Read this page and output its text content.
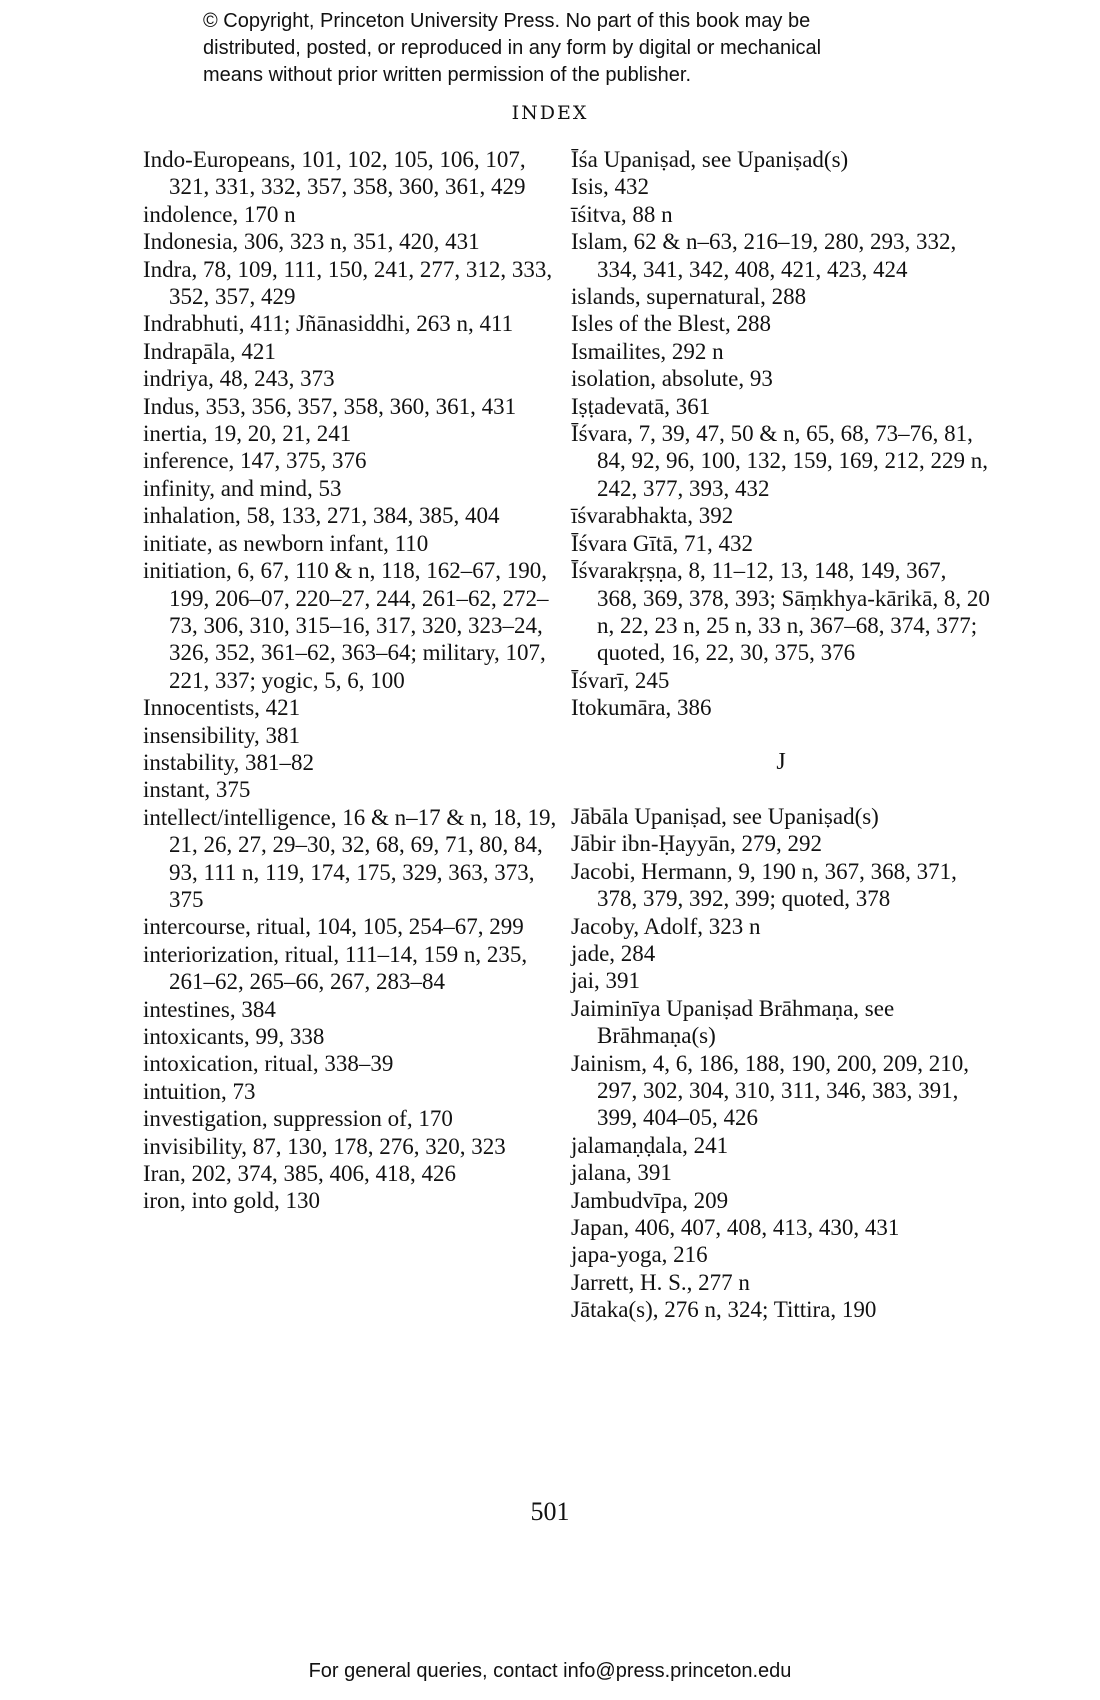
© Copyright, Princeton University Press. No part of this book may be
distributed, posted, or reproduced in any form by digital or mechanical
means without prior written permission of the publisher.
INDEX
Indo-Europeans, 101, 102, 105, 106, 107, 321, 331, 332, 357, 358, 360, 361, 429
indolence, 170 n
Indonesia, 306, 323 n, 351, 420, 431
Indra, 78, 109, 111, 150, 241, 277, 312, 333, 352, 357, 429
Indrabhuti, 411; Jñānasiddhi, 263 n, 411
Indrapāla, 421
indriya, 48, 243, 373
Indus, 353, 356, 357, 358, 360, 361, 431
inertia, 19, 20, 21, 241
inference, 147, 375, 376
infinity, and mind, 53
inhalation, 58, 133, 271, 384, 385, 404
initiate, as newborn infant, 110
initiation, 6, 67, 110 & n, 118, 162–67, 190, 199, 206–07, 220–27, 244, 261–62, 272–73, 306, 310, 315–16, 317, 320, 323–24, 326, 352, 361–62, 363–64; military, 107, 221, 337; yogic, 5, 6, 100
Innocentists, 421
insensibility, 381
instability, 381–82
instant, 375
intellect/intelligence, 16 & n–17 & n, 18, 19, 21, 26, 27, 29–30, 32, 68, 69, 71, 80, 84, 93, 111 n, 119, 174, 175, 329, 363, 373, 375
intercourse, ritual, 104, 105, 254–67, 299
interiorization, ritual, 111–14, 159 n, 235, 261–62, 265–66, 267, 283–84
intestines, 384
intoxicants, 99, 338
intoxication, ritual, 338–39
intuition, 73
investigation, suppression of, 170
invisibility, 87, 130, 178, 276, 320, 323
Iran, 202, 374, 385, 406, 418, 426
iron, into gold, 130
Īśa Upaniṣad, see Upaniṣad(s)
Isis, 432
īśitva, 88 n
Islam, 62 & n–63, 216–19, 280, 293, 332, 334, 341, 342, 408, 421, 423, 424
islands, supernatural, 288
Isles of the Blest, 288
Ismailites, 292 n
isolation, absolute, 93
Iṣṭadevatā, 361
Īśvara, 7, 39, 47, 50 & n, 65, 68, 73–76, 81, 84, 92, 96, 100, 132, 159, 169, 212, 229 n, 242, 377, 393, 432
īśvarabhakta, 392
Īśvara Gītā, 71, 432
Īśvarakṛṣṇa, 8, 11–12, 13, 148, 149, 367, 368, 369, 378, 393; Sāṃkhya-kārikā, 8, 20 n, 22, 23 n, 25 n, 33 n, 367–68, 374, 377; quoted, 16, 22, 30, 375, 376
Īśvarī, 245
Itokumāra, 386
J
Jābāla Upaniṣad, see Upaniṣad(s)
Jābir ibn-Ḥayyān, 279, 292
Jacobi, Hermann, 9, 190 n, 367, 368, 371, 378, 379, 392, 399; quoted, 378
Jacoby, Adolf, 323 n
jade, 284
jai, 391
Jaiminīya Upaniṣad Brāhmaṇa, see Brāhmaṇa(s)
Jainism, 4, 6, 186, 188, 190, 200, 209, 210, 297, 302, 304, 310, 311, 346, 383, 391, 399, 404–05, 426
jalamaṇḍala, 241
jalana, 391
Jambudvīpa, 209
Japan, 406, 407, 408, 413, 430, 431
japa-yoga, 216
Jarrett, H. S., 277 n
Jātaka(s), 276 n, 324; Tittira, 190
501
For general queries, contact info@press.princeton.edu
